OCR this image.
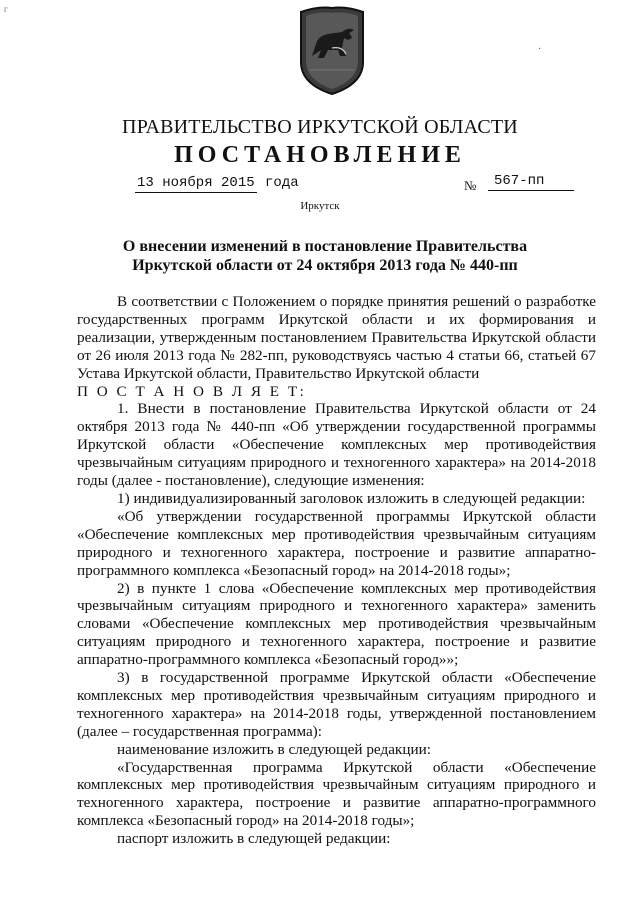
г
·
ПРАВИТЕЛЬСТВО ИРКУТСКОЙ ОБЛАСТИ
ПОСТАНОВЛЕНИЕ
13 ноября 2015 года	№	567-пп
Иркутск
О внесении изменений в постановление Правительства Иркутской области от 24 октября 2013 года № 440-пп

В соответствии с Положением о порядке принятия решений о разработке государственных программ Иркутской области и их формирования и реализации, утвержденным постановлением Правительства Иркутской области от 26 июля 2013 года № 282-пп, руководствуясь частью 4 статьи 66, статьей 67 Устава Иркутской области, Правительство Иркутской области

П О С Т А Н О В Л Я Е Т:

1. Внести в постановление Правительства Иркутской области от 24 октября 2013 года № 440-пп «Об утверждении государственной программы Иркутской области «Обеспечение комплексных мер противодействия чрезвычайным ситуациям природного и техногенного характера» на 2014-2018 годы (далее - постановление), следующие изменения:

1) индивидуализированный заголовок изложить в следующей редакции:

«Об утверждении государственной программы Иркутской области «Обеспечение комплексных мер противодействия чрезвычайным ситуациям природного и техногенного характера, построение и развитие аппаратно-программного комплекса «Безопасный город» на 2014-2018 годы»;

2) в пункте 1 слова «Обеспечение комплексных мер противодействия чрезвычайным ситуациям природного и техногенного характера» заменить словами «Обеспечение комплексных мер противодействия чрезвычайным ситуациям природного и техногенного характера, построение и развитие аппаратно-программного комплекса «Безопасный город»»;

3) в государственной программе Иркутской области «Обеспечение комплексных мер противодействия чрезвычайным ситуациям природного и техногенного характера» на 2014-2018 годы, утвержденной постановлением (далее – государственная программа):

наименование изложить в следующей редакции:

«Государственная программа Иркутской области «Обеспечение комплексных мер противодействия чрезвычайным ситуациям природного и техногенного характера, построение и развитие аппаратно-программного комплекса «Безопасный город» на 2014-2018 годы»;

паспорт изложить в следующей редакции:
